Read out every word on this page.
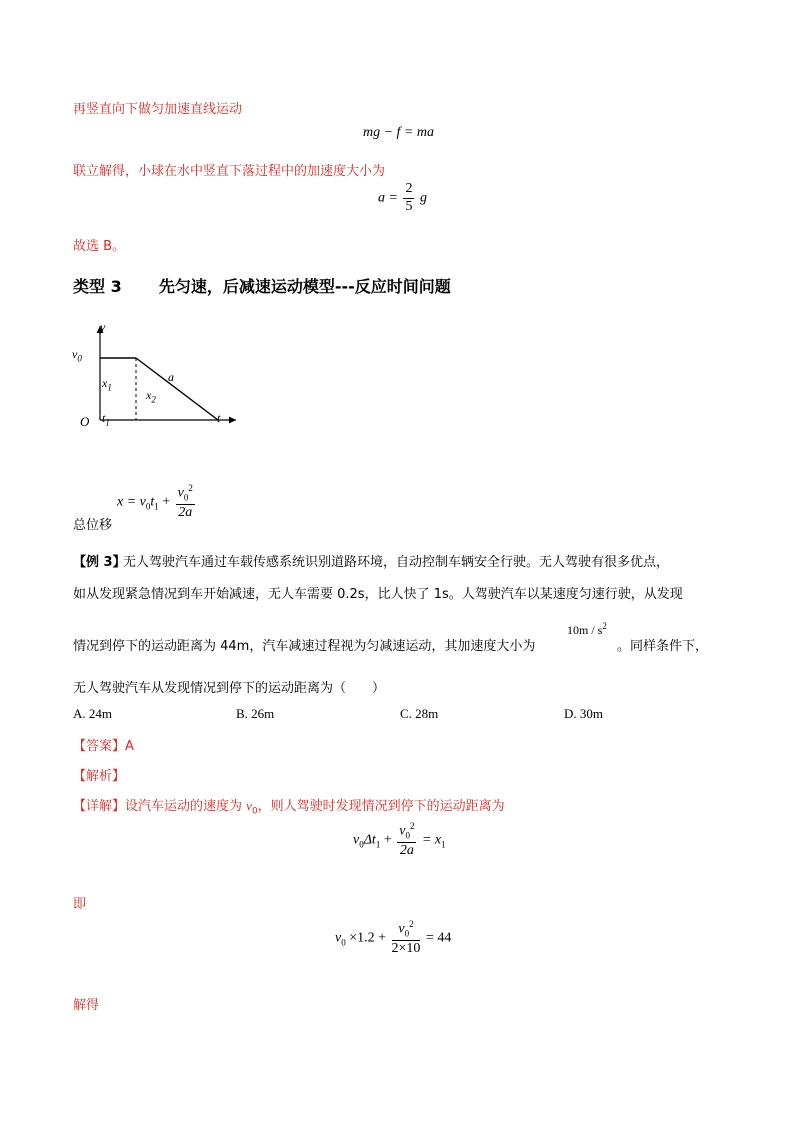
再竖直向下做匀加速直线运动
mg − f = ma
联立解得，小球在水中竖直下落过程中的加速度大小为
$a = \frac{2}{5}$ g
故选 B。
类型 3 先匀速，后减速运动模型---反应时间问题
y
$v_0$
a
$x_1$
$x_2$
O $t_1$	t
总位移
$x = v_0t_1 + \frac{v_0^2}{2a}$
【例 3】
无人驾驶汽车通过车载传感系统识别道路环境，自动控制车辆安全行驶。无人驾驶有很多优点，
如从发现紧急情况到车开始减速，无人车需要 0.2s，比人快了 1s。人驾驶汽车以某速度匀速行驶，从发现
情况到停下的运动距离为 44m，汽车减速过程视为匀减速运动，其加速度大小为
$10m / s^2$
。同样条件下，
无人驾驶汽车从发现情况到停下的运动距离为（　　）
A. 24m	B. 26m	C. 28m	D. 30m
【答案】A
【解析】
【详解】设汽车运动的速度为 $v_0$，则人驾驶时发现情况到停下的运动距离为
$v_0\Delta t_1 + \frac{v_0^2}{2a} = x_1$
即
$v_0 \times 1.2 + \frac{v_0^2}{2\times 10} = 44$
解得
